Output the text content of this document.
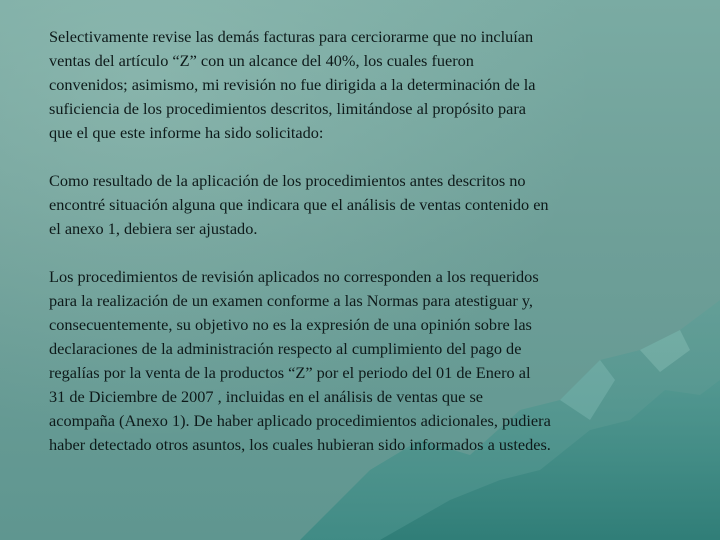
Selectivamente revise las demás facturas para cerciorarme que no incluían
ventas del artículo “Z” con un alcance del 40%, los cuales fueron
convenidos; asimismo, mi revisión no fue dirigida a la determinación de la
suficiencia de los procedimientos descritos, limitándose al propósito para
que el que este informe ha sido solicitado:

Como resultado de la aplicación de los procedimientos antes descritos no
encontré situación alguna que indicara que el análisis de ventas contenido en
el anexo 1, debiera ser ajustado.

Los procedimientos de revisión aplicados no corresponden a los requeridos
para la realización de un examen conforme a las Normas para atestiguar y,
consecuentemente, su objetivo no es la expresión de una opinión sobre las
declaraciones de la administración respecto al cumplimiento del pago de
regalías por la venta de la productos “Z” por el periodo del 01 de Enero al
31 de Diciembre de 2007 , incluidas en el análisis de ventas que se
acompaña (Anexo 1). De haber aplicado procedimientos adicionales, pudiera
haber detectado otros asuntos, los cuales hubieran sido informados a ustedes.
